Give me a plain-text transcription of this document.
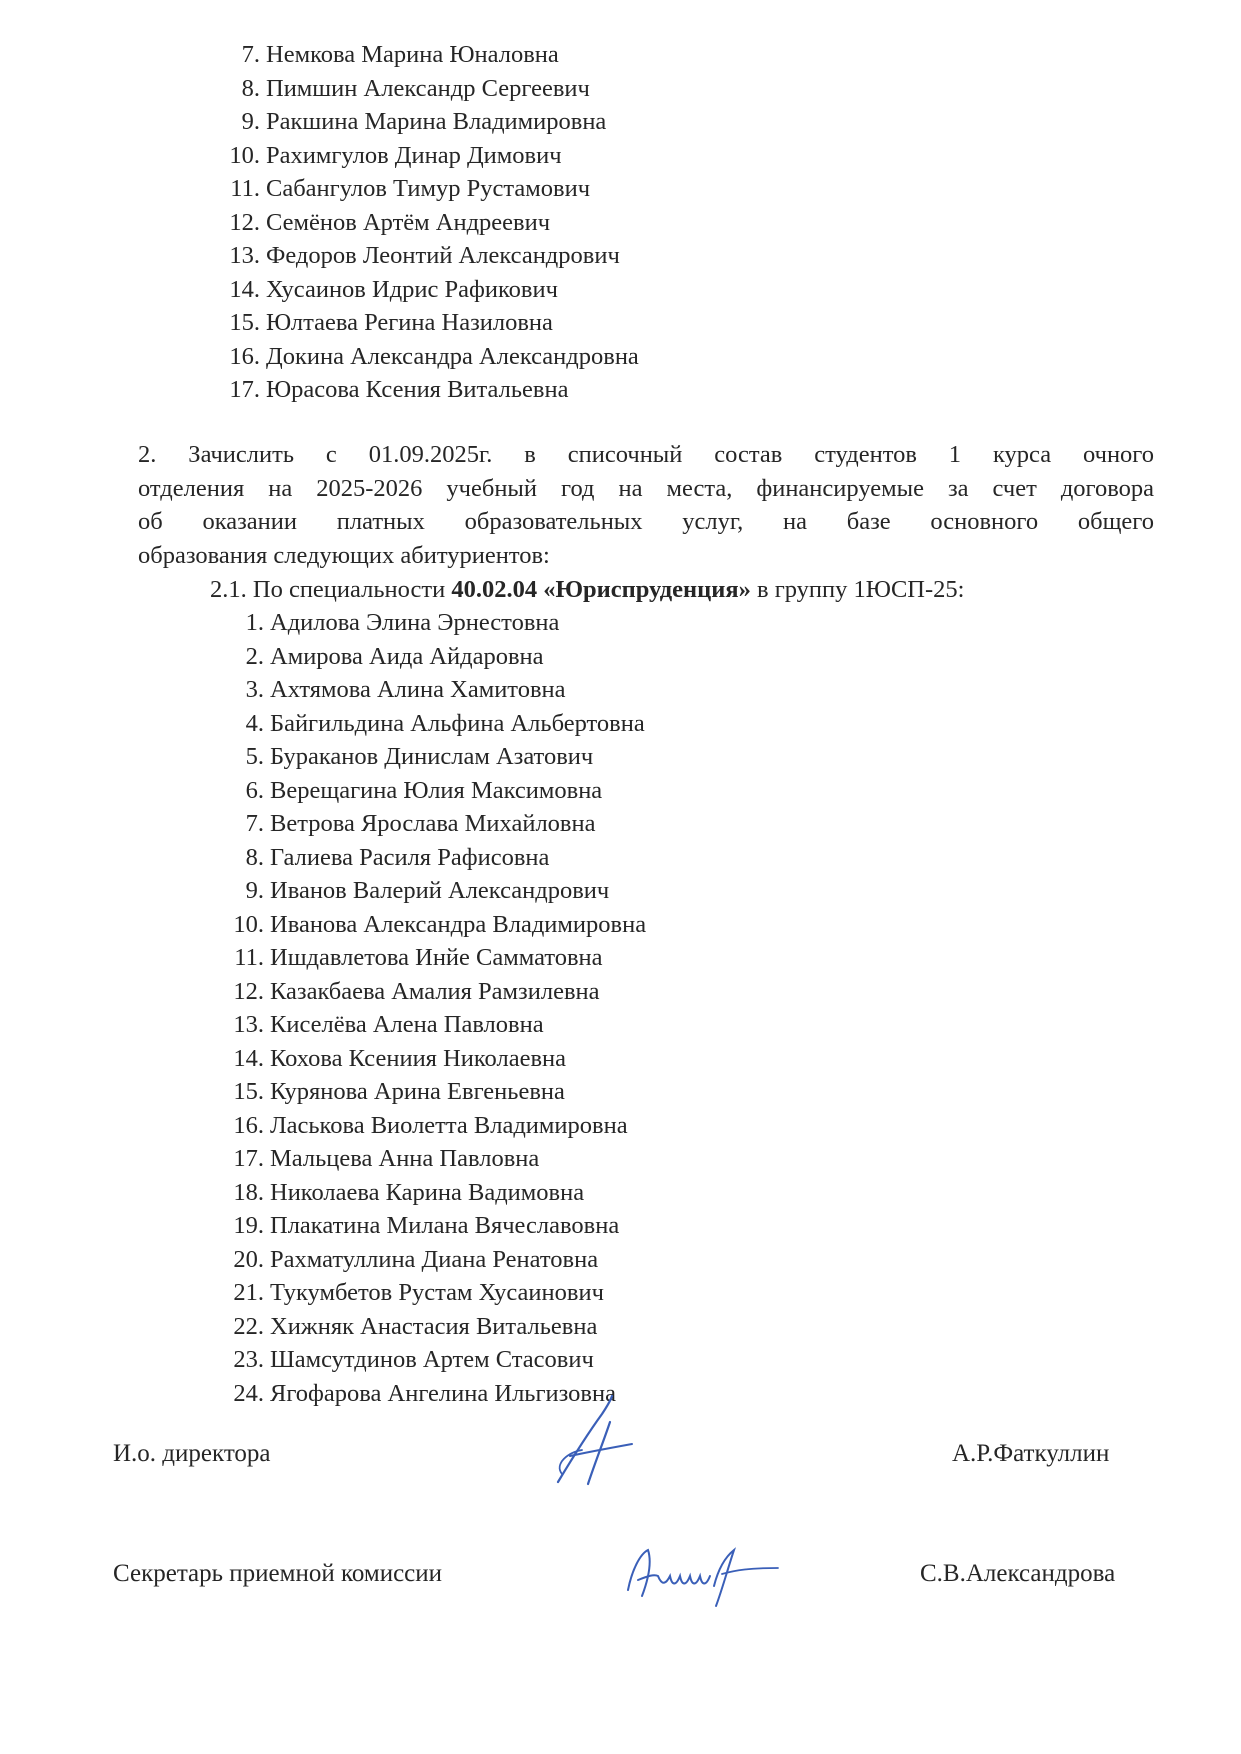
7. Немкова Марина Юналовна
8. Пимшин Александр Сергеевич
9. Ракшина Марина Владимировна
10. Рахимгулов Динар Димович
11. Сабангулов Тимур Рустамович
12. Семёнов Артём Андреевич
13. Федоров Леонтий Александрович
14. Хусаинов Идрис Рафикович
15. Юлтаева Регина Назиловна
16. Докина Александра Александровна
17. Юрасова Ксения Витальевна
2. Зачислить с 01.09.2025г. в списочный состав студентов 1 курса очного
отделения на 2025-2026 учебный год на места, финансируемые за счет договора
об оказании платных образовательных услуг, на базе основного общего
образования следующих абитуриентов:
2.1. По специальности 40.02.04 «Юриспруденция» в группу 1ЮСП-25:
1. Адилова Элина Эрнестовна
2. Амирова Аида Айдаровна
3. Ахтямова Алина Хамитовна
4. Байгильдина Альфина Альбертовна
5. Бураканов Динислам Азатович
6. Верещагина Юлия Максимовна
7. Ветрова Ярослава Михайловна
8. Галиева Расиля Рафисовна
9. Иванов Валерий Александрович
10. Иванова Александра Владимировна
11. Ишдавлетова Инйе Самматовна
12. Казакбаева Амалия Рамзилевна
13. Киселёва Алена Павловна
14. Кохова Ксениия Николаевна
15. Курянова Арина Евгеньевна
16. Ласькова Виолетта Владимировна
17. Мальцева Анна Павловна
18. Николаева Карина Вадимовна
19. Плакатина Милана Вячеславовна
20. Рахматуллина Диана Ренатовна
21. Тукумбетов Рустам Хусаинович
22. Хижняк Анастасия Витальевна
23. Шамсутдинов Артем Стасович
24. Ягофарова Ангелина Ильгизовна
И.о. директора	А.Р.Фаткуллин
Секретарь приемной комиссии	С.В.Александрова
